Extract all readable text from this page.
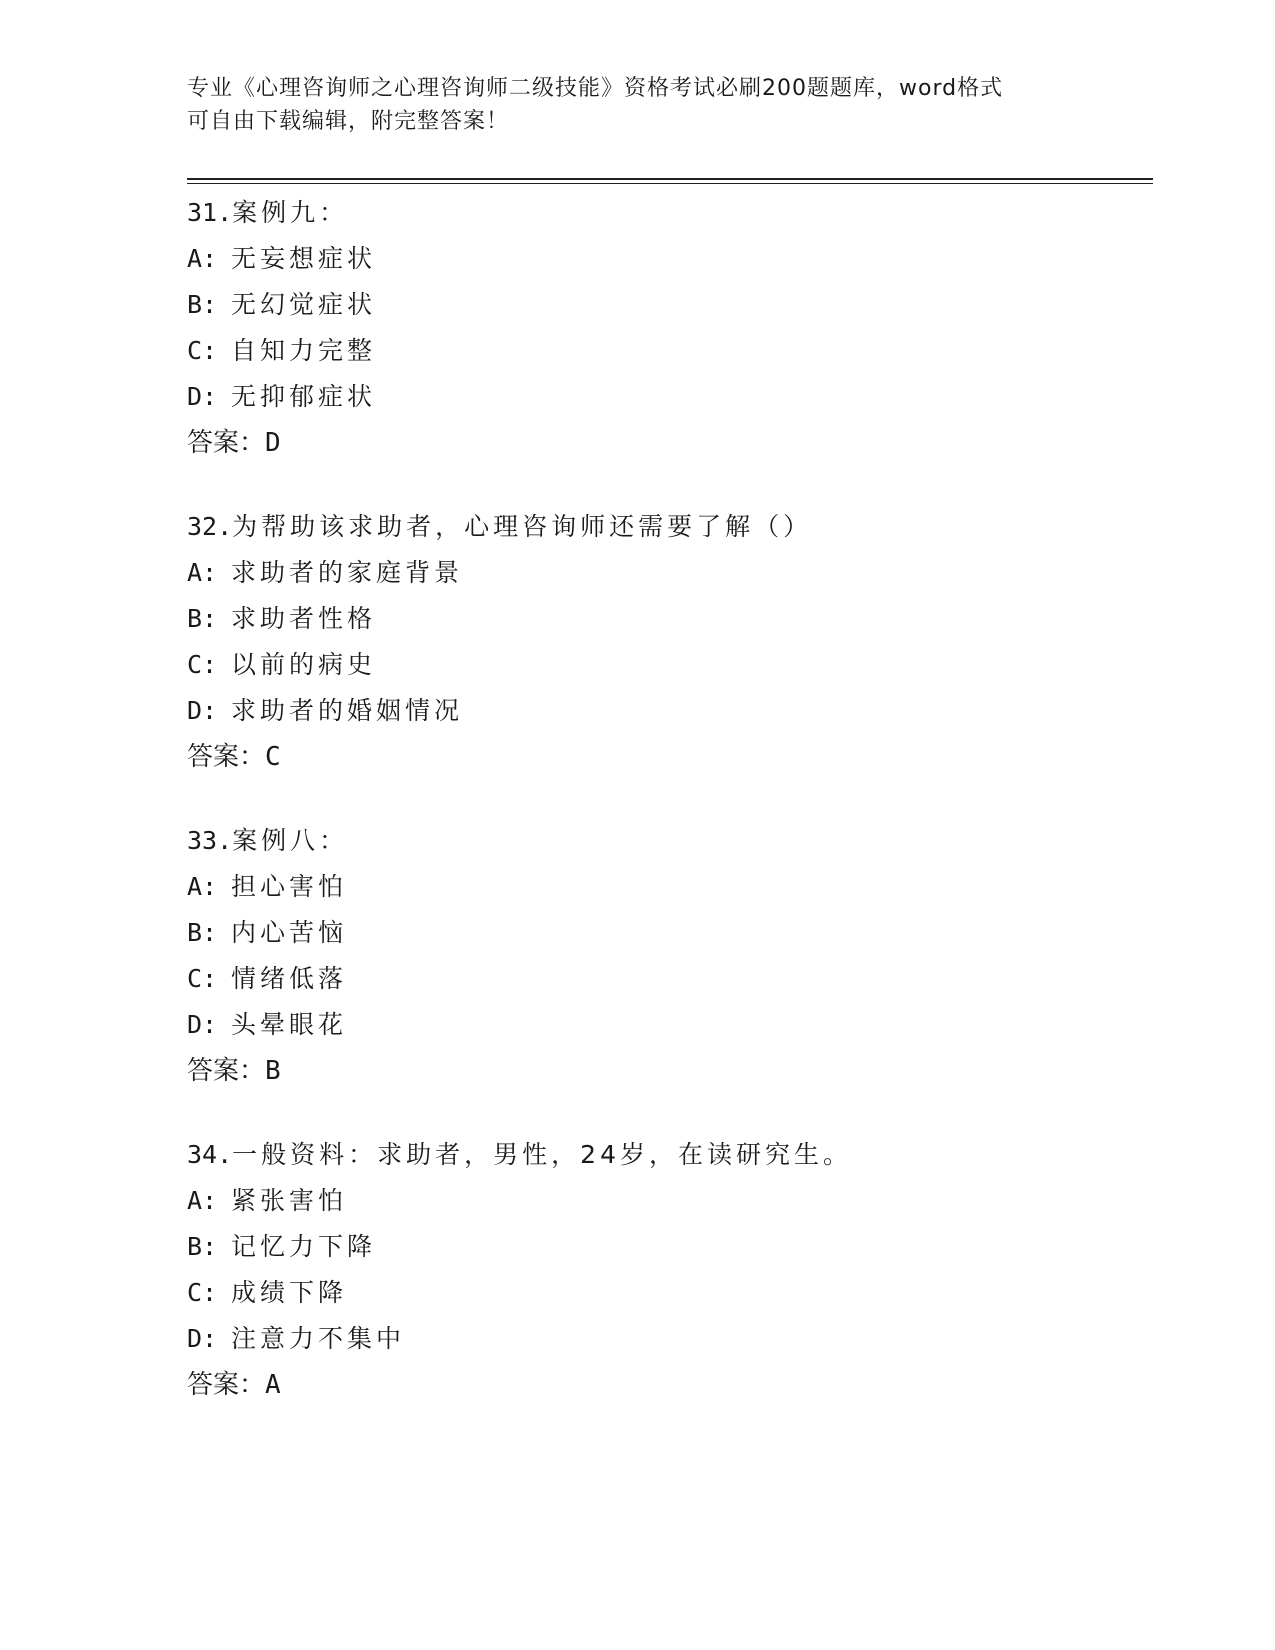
专业《心理咨询师之心理咨询师二级技能》资格考试必刷200题题库，word格式
可自由下载编辑，附完整答案！
31.案例九：
A: 无妄想症状
B: 无幻觉症状
C: 自知力完整
D: 无抑郁症状
答案：D
32.为帮助该求助者，心理咨询师还需要了解（）
A: 求助者的家庭背景
B: 求助者性格
C: 以前的病史
D: 求助者的婚姻情况
答案：C
33.案例八：
A: 担心害怕
B: 内心苦恼
C: 情绪低落
D: 头晕眼花
答案：B
34.一般资料：求助者，男性，24岁，在读研究生。
A: 紧张害怕
B: 记忆力下降
C: 成绩下降
D: 注意力不集中
答案：A
